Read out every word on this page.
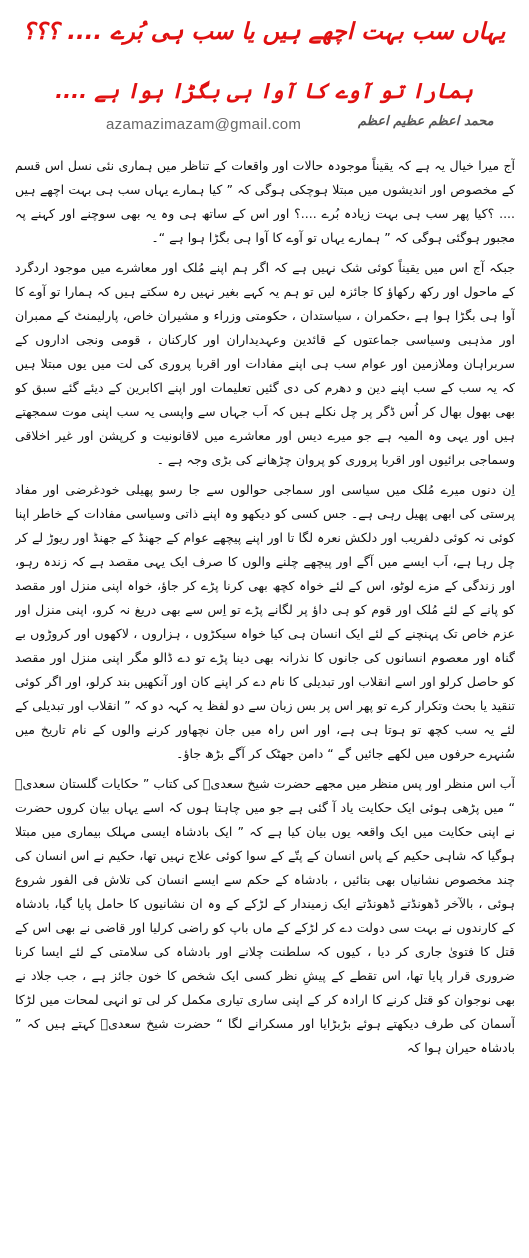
یہاں سب بہت اچھے ہیں یا سب ہی بُرے .... ؟؟؟
ہمارا تو آوے کا آوا ہی بگڑا ہوا ہے ....
azamazimazam@gmail.com	محمد اعظم عظیم اعظم

آج میرا خیال یہ ہے کہ یقیناً موجودہ حالات اور واقعات کے تناظر میں ہماری نئی نسل اس قسم کے مخصوص اور اندیشوں میں مبتلا ہوچکی ہوگی کہ ” کیا ہمارے یہاں سب ہی بہت اچھے ہیں .... ؟کیا پھر سب ہی بہت زیادہ بُرے ....؟ اور اس کے ساتھ ہی وہ یہ بھی سوچنے اور کہنے پہ مجبور ہوگئی ہوگی کہ ” ہمارے یہاں تو آوے کا آوا ہی بگڑا ہوا ہے “۔

جبکہ آج اس میں یقیناً کوئی شک نہیں ہے کہ اگر ہم اپنے مُلک اور معاشرے میں موجود اردگرد کے ماحول اور رکھ رکھاؤ کا جائزہ لیں تو ہم یہ کہے بغیر نہیں رہ سکتے ہیں کہ ہمارا تو آوے کا آوا ہی بگڑا ہوا ہے ،حکمران ، سیاستدان ، حکومتی وزراء و مشیران خاص، پارلیمنٹ کے ممبران اور مذہبی وسیاسی جماعتوں کے قائدین وعہدیداران اور کارکنان ، قومی ونجی اداروں کے سربراہان وملازمین اور عوام سب ہی اپنے مفادات اور اقربا پروری کی لت میں یوں مبتلا ہیں کہ یہ سب کے سب اپنے دین و دھرم کی دی گئیں تعلیمات اور اپنے اکابرین کے دیئے گئے سبق کو بھی بھول بھال کر اُس ڈگر پر چل نکلے ہیں کہ اَب جہاں سے واپسی یہ سب اپنی موت سمجھتے ہیں اور یہی وہ المیہ ہے جو میرے دیس اور معاشرے میں لاقانونیت و کرپشن اور غیر اخلاقی وسماجی برائیوں اور اقربا پروری کو پروان چڑھانے کی بڑی وجہ ہے ۔

اِن دنوں میرے مُلک میں سیاسی اور سماجی حوالوں سے جا رسو پھیلی خودغرضی اور مفاد پرستی کی ابھی پھیل رہی ہے۔ جس کسی کو دیکھو وہ اپنے ذاتی وسیاسی مفادات کے خاطر اپنا کوئی نہ کوئی دلفریب اور دلکش نعرہ لگا تا اور اپنے پیچھے عوام کے جھنڈ کے جھنڈ اور ریوڑ لے کر چل رہا ہے، اَب ایسے میں آگے اور پیچھے چلنے والوں کا صرف ایک یہی مقصد ہے کہ زندہ رہو، اور زندگی کے مزے لوٹو، اس کے لئے خواہ کچھ بھی کرنا پڑے کر جاؤ، خواہ اپنی منزل اور مقصد کو پانے کے لئے مُلک اور قوم کو ہی داؤ پر لگانے پڑے تو اِس سے بھی دریغ نہ کرو، اپنی منزل اور عزم خاص تک پہنچنے کے لئے ایک انسان ہی کیا خواہ سیکڑوں ، ہزاروں ، لاکھوں اور کروڑوں بے گناہ اور معصوم انسانوں کی جانوں کا نذرانہ بھی دینا پڑے تو دے ڈالو مگر اپنی منزل اور مقصد کو حاصل کرلو اور اسے انقلاب اور تبدیلی کا نام دے کر اپنے کان اور آنکھیں بند کرلو، اور اگر کوئی تنقید یا بحث وتکرار کرے تو پھر اس پر بس زبان سے دو لفظ یہ کہہ دو کہ ” انقلاب اور تبدیلی کے لئے یہ سب کچھ تو ہوتا ہی ہے، اور اس راہ میں جان نچھاور کرنے والوں کے نام تاریخ میں سُنہرے حرفوں میں لکھے جائیں گے “ دامن جھٹک کر آگے بڑھ جاؤ۔

آب اس منظر اور پس منظر میں مجھے حضرت شیخ سعدیؒ کی کتاب ” حکایات گلستان سعدیؒ “ میں پڑھی ہوئی ایک حکایت یاد آ گئی ہے جو میں چاہتا ہوں کہ اسے یہاں بیان کروں حضرت نے اپنی حکایت میں ایک واقعہ یوں بیان کیا ہے کہ ” ایک بادشاہ ایسی مہلک بیماری میں مبتلا ہوگیا کہ شاہی حکیم کے پاس انسان کے پتّے کے سوا کوئی علاج نہیں تھا، حکیم نے اس انسان کی چند مخصوص نشانیاں بھی بتائیں ، بادشاہ کے حکم سے ایسے انسان کی تلاش فی الفور شروع ہوئی ، بالآخر ڈھونڈتے ڈھونڈتے ایک زمیندار کے لڑکے کے وہ ان نشانیوں کا حامل پایا گیا، بادشاہ کے کارندوں نے بہت سی دولت دے کر لڑکے کے ماں باپ کو راضی کرلیا اور قاضی نے بھی اس کے قتل کا فتویٰ جاری کر دیا ، کیوں کہ سلطنت چلانے اور بادشاہ کی سلامتی کے لئے ایسا کرنا ضروری قرار پایا تھا، اس تقطے کے پیشِ نظر کسی ایک شخص کا خون جائز ہے ، جب جلاد نے بھی نوجوان کو قتل کرنے کا ارادہ کر کے اپنی ساری تیاری مکمل کر لی تو انہی لمحات میں لڑکا آسمان کی طرف دیکھتے ہوئے بڑبڑایا اور مسکرانے لگا “ حضرت شیخ سعدیؒ کہتے ہیں کہ ” بادشاہ حیران ہوا کہ
